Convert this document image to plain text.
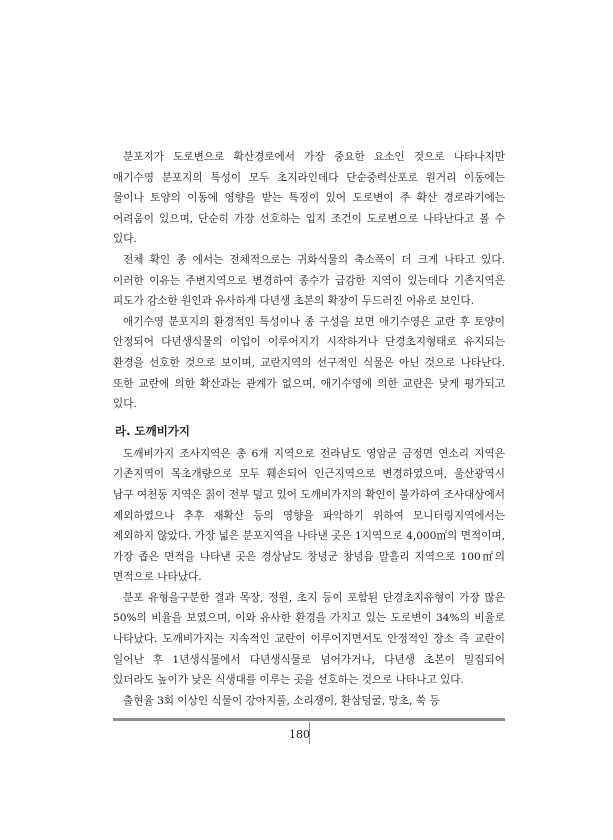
분포지가 도로변으로 확산경로에서 가장 중요한 요소인 것으로 나타나지만 애기수영 분포지의 특성이 모두 초지라인데다 단순중력산포로 원거리 이동에는 물이나 토양의 이동에 영향을 받는 특징이 있어 도로변이 주 확산 경로라기에는 어려움이 있으며, 단순히 가장 선호하는 입지 조건이 도로변으로 나타난다고 볼 수 있다.

전체 확인 종 에서는 전체적으로는 귀화식물의 축소폭이 더 크게 나타고 있다. 이러한 이유는 주변지역으로 변경하여 종수가 급감한 지역이 있는데다 기존지역은 피도가 감소한 원인과 유사하게 다년생 초본의 확장이 두드러진 이유로 보인다.

애기수영 분포지의 환경적인 특성이나 종 구성을 보면 애기수영은 교란 후 토양이 안정되어 다년생식물의 이입이 이루어지기 시작하거나 단경초지형태로 유지되는 환경을 선호한 것으로 보이며, 교란지역의 선구적인 식물은 아닌 것으로 나타난다. 또한 교란에 의한 확산과는 관계가 없으며, 애기수영에 의한 교란은 낮게 평가되고 있다.

라. 도깨비가지

도깨비가지 조사지역은 총 6개 지역으로 전라남도 영암군 금정면 연소리 지역은 기존지역이 목초개량으로 모두 훼손되어 인근지역으로 변경하였으며, 울산광역시 남구 여천동 지역은 칡이 전부 덮고 있어 도깨비가지의 확인이 불가하여 조사대상에서 제외하였으나 추후 재확산 등의 영향을 파악하기 위하여 모니터링지역에서는 제외하지 않았다. 가장 넓은 분포지역을 나타낸 곳은 1지역으로 4,000㎡의 면적이며, 가장 좁은 면적을 나타낸 곳은 경상남도 창녕군 창녕읍 말흘리 지역으로 100㎡의 면적으로 나타났다.

분포 유형을구분한 결과 목장, 정원, 초지 등이 포함된 단경초지유형이 가장 많은 50%의 비율을 보였으며, 이와 유사한 환경을 가지고 있는 도로변이 34%의 비율로 나타났다. 도깨비가지는 지속적인 교란이 이루어지면서도 안정적인 장소 즉 교란이 일어난 후 1년생식물에서 다년생식물로 넘어가거나, 다년생 초본이 밀집되어 있더라도 높이가 낮은 식생대를 이루는 곳을 선호하는 것으로 나타나고 있다.

출현율 3회 이상인 식물이 강아지풀, 소리쟁이, 환삼덩굴, 망초, 쑥 등

180
